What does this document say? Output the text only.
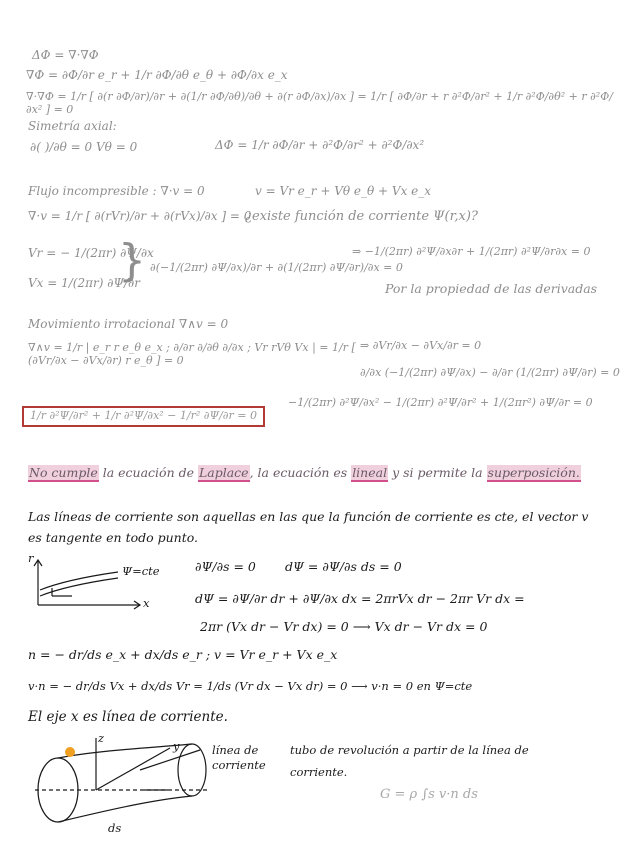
ΔΦ = ∇·∇Φ
∇Φ = ∂Φ/∂r e_r + 1/r ∂Φ/∂θ e_θ + ∂Φ/∂x e_x
∇·∇Φ = 1/r [ ∂(r ∂Φ/∂r)/∂r + ∂(1/r ∂Φ/∂θ)/∂θ + ∂(r ∂Φ/∂x)/∂x ] = 1/r [ ∂Φ/∂r + r ∂²Φ/∂r² + 1/r ∂²Φ/∂θ² + r ∂²Φ/∂x² ] = 0
Simetría axial:
∂( )/∂θ = 0 Vθ = 0	ΔΦ = 1/r ∂Φ/∂r + ∂²Φ/∂r² + ∂²Φ/∂x²
Flujo incompresible : ∇·v = 0	v = Vr e_r + Vθ e_θ + Vx e_x
∇·v = 1/r [ ∂(rVr)/∂r + ∂(rVx)/∂x ] = 0
¿existe función de corriente Ψ(r,x)?
Vr = − 1/(2πr) ∂Ψ/∂x
Vx = 1/(2πr) ∂Ψ/∂r
} ∂(−1/(2πr) ∂Ψ/∂x)/∂r + ∂(1/(2πr) ∂Ψ/∂r)/∂x = 0
⇒ −1/(2πr) ∂²Ψ/∂x∂r + 1/(2πr) ∂²Ψ/∂r∂x = 0
Por la propiedad de las derivadas
Movimiento irrotacional ∇∧v = 0
∇∧v = 1/r | e_r r e_θ e_x ; ∂/∂r ∂/∂θ ∂/∂x ; Vr rVθ Vx | = 1/r [ (∂Vr/∂x − ∂Vx/∂r) r e_θ ] = 0
⇒ ∂Vr/∂x − ∂Vx/∂r = 0
∂/∂x (−1/(2πr) ∂Ψ/∂x) − ∂/∂r (1/(2πr) ∂Ψ/∂r) = 0
−1/(2πr) ∂²Ψ/∂x² − 1/(2πr) ∂²Ψ/∂r² + 1/(2πr²) ∂Ψ/∂r = 0
1/r ∂²Ψ/∂r² + 1/r ∂²Ψ/∂x² − 1/r² ∂Ψ/∂r = 0
No cumple la ecuación de Laplace, la ecuación es lineal y si permite la superposición.
Las líneas de corriente son aquellas en las que la función de corriente es cte, el vector v
es tangente en todo punto.
r
x
Ψ=cte	∂Ψ/∂s = 0 dΨ = ∂Ψ/∂s ds = 0
dΨ = ∂Ψ/∂r dr + ∂Ψ/∂x dx = 2πrVx dr − 2πr Vr dx =
2πr (Vx dr − Vr dx) = 0 ⟶ Vx dr − Vr dx = 0
n = − dr/ds e_x + dx/ds e_r ; v = Vr e_r + Vx e_x
v·n = − dr/ds Vx + dx/ds Vr = 1/ds (Vr dx − Vx dr) = 0 ⟶ v·n = 0 en Ψ=cte
El eje x es línea de corriente.
z
y
ds
línea de
corriente
tubo de revolución a partir de la línea de
corriente.
G = ρ ∫s v·n ds
